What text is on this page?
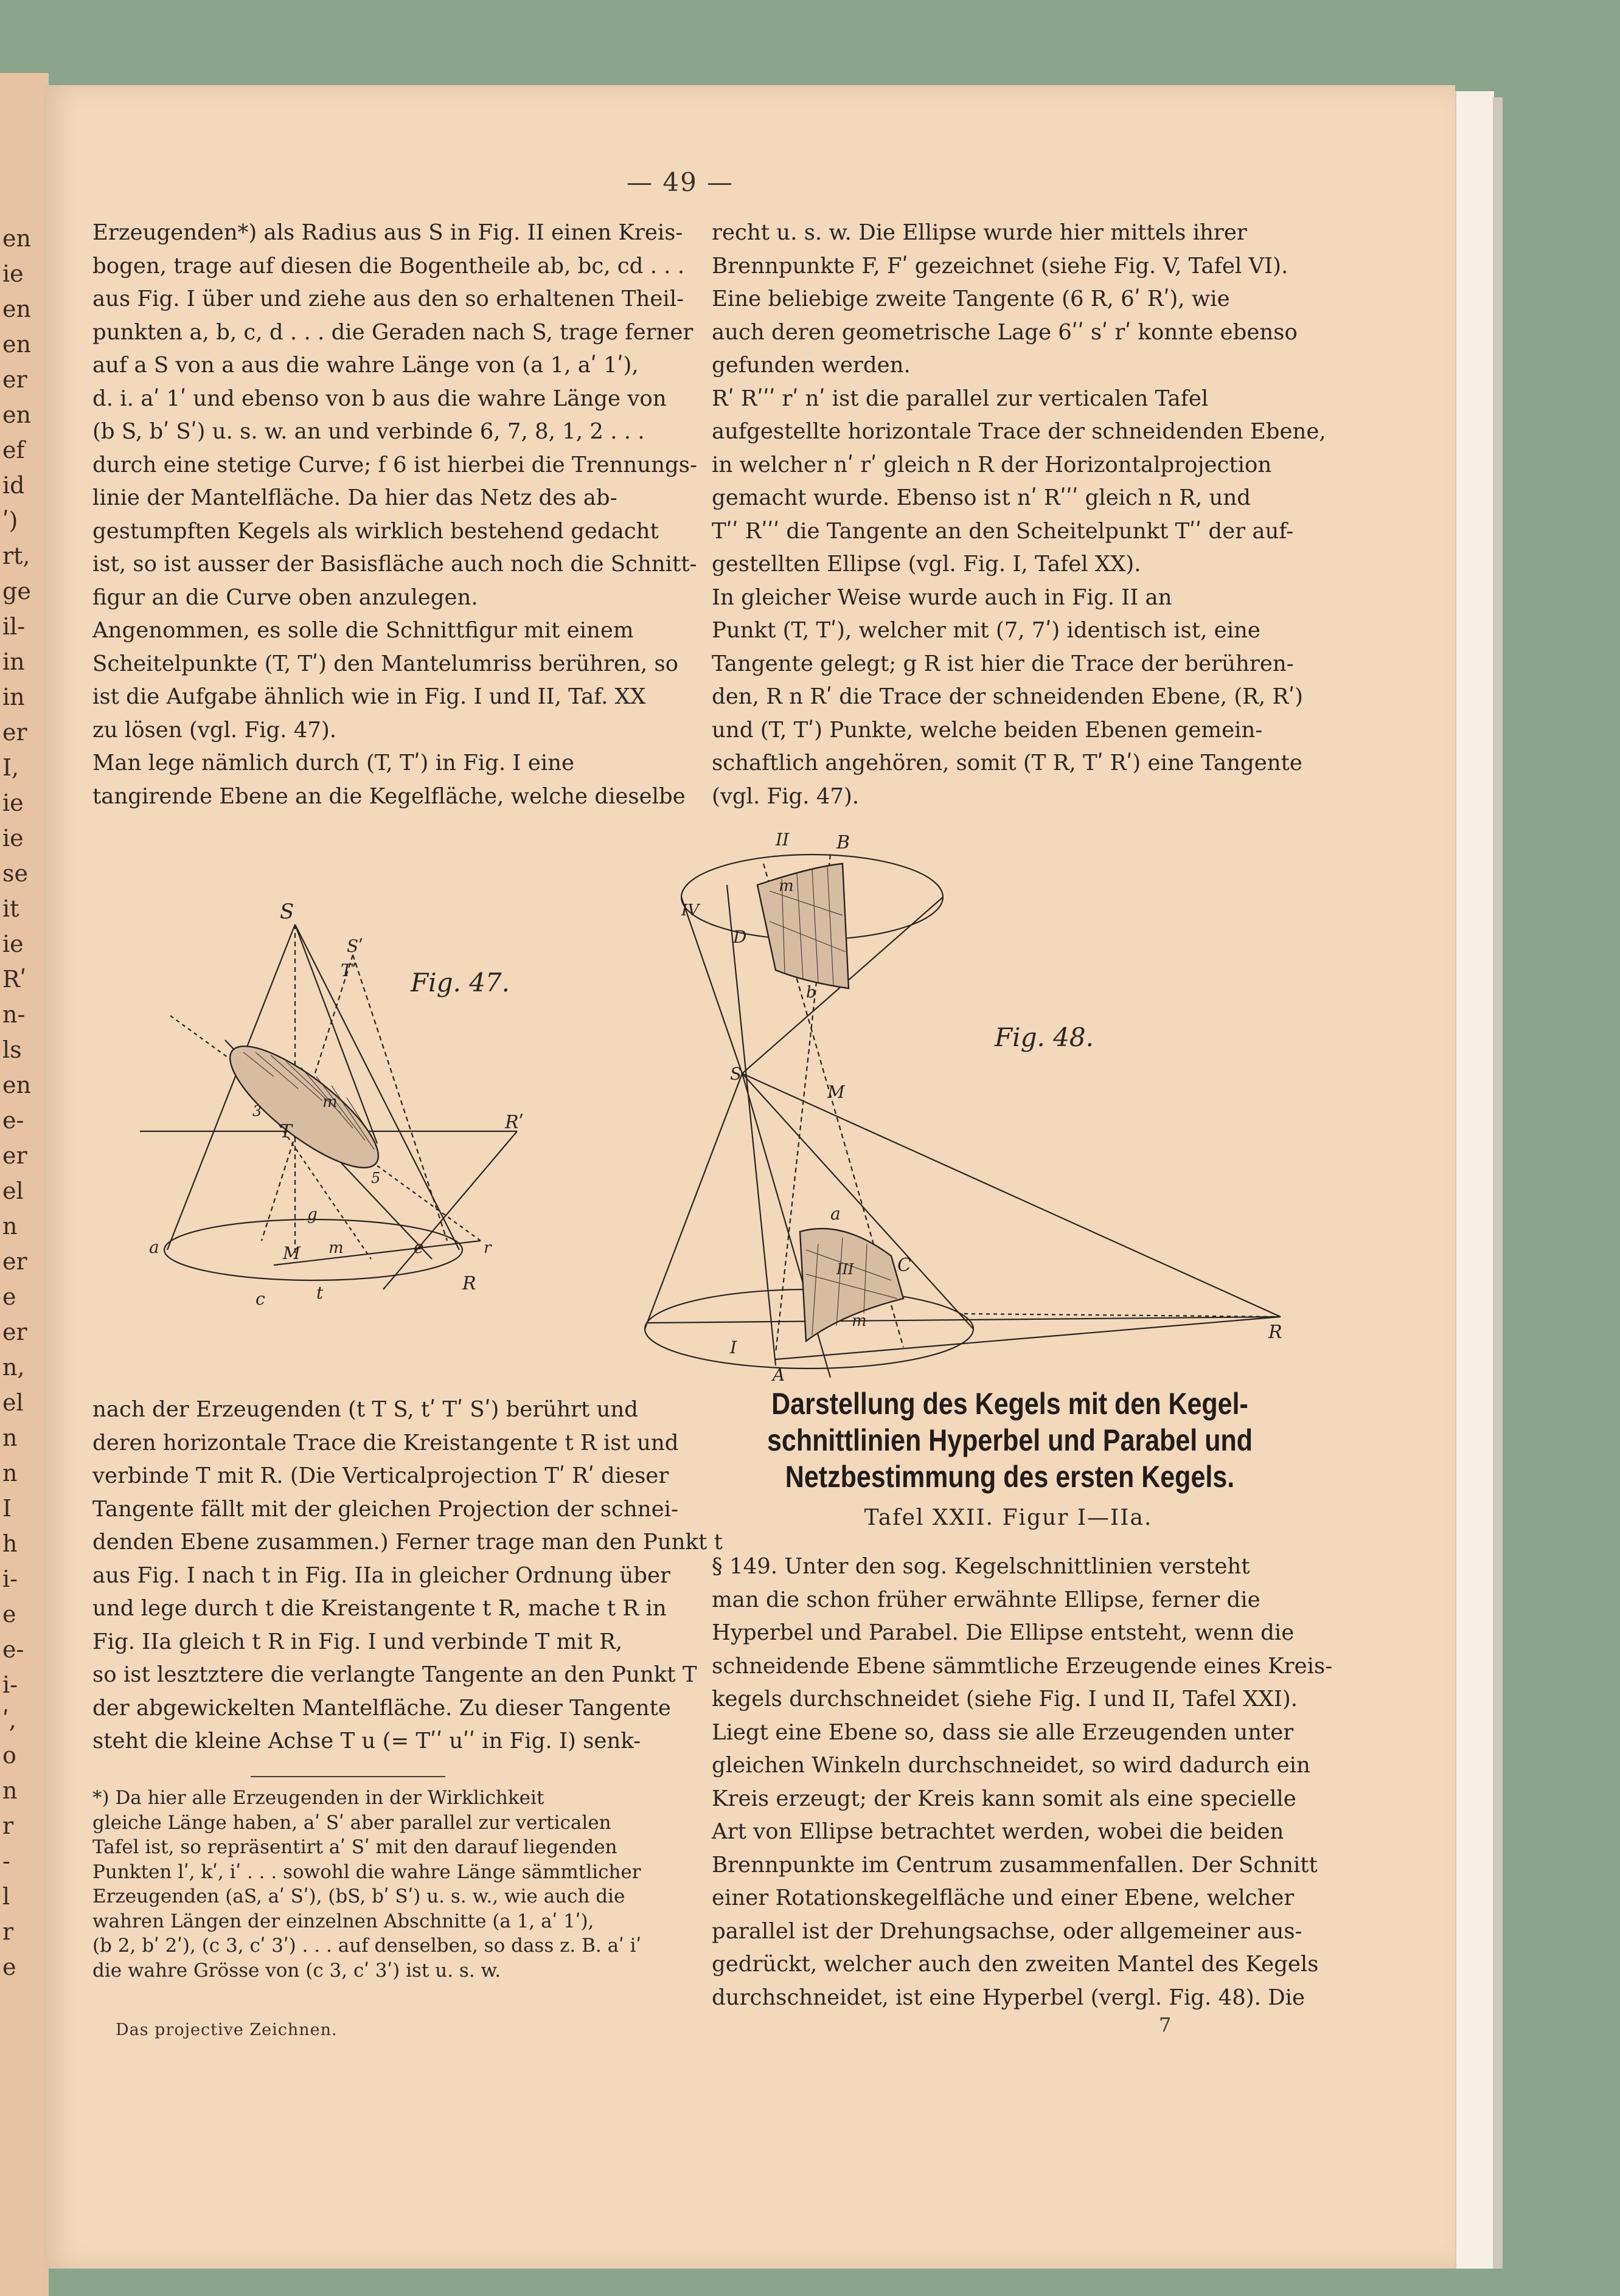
en
ie
en
en
er
en
ef
id
ʹ)
rt,
ge
il-
in
in
er
I,
ie
ie
se
it
ie
Rʹ
n-
ls
en
e-
er
el
n
er
e
er
n,
el
n
n
I
h
i-
e
e-
i-
ʹ,
o
n
r
-
l
r
e
— 49 —
Erzeugenden*) als Radius aus S in Fig. II einen Kreis-
bogen, trage auf diesen die Bogentheile ab, bc, cd . . .
aus Fig. I über und ziehe aus den so erhaltenen Theil-
punkten a, b, c, d . . . die Geraden nach S, trage ferner
auf a S von a aus die wahre Länge von (a 1, aʹ 1ʹ),
d. i. aʹ 1ʹ und ebenso von b aus die wahre Länge von
(b S, bʹ Sʹ) u. s. w. an und verbinde 6, 7, 8, 1, 2 . . .
durch eine stetige Curve; f 6 ist hierbei die Trennungs-
linie der Mantelfläche. Da hier das Netz des ab-
gestumpften Kegels als wirklich bestehend gedacht
ist, so ist ausser der Basisfläche auch noch die Schnitt-
figur an die Curve oben anzulegen.
Angenommen, es solle die Schnittfigur mit einem
Scheitelpunkte (T, Tʹ) den Mantelumriss berühren, so
ist die Aufgabe ähnlich wie in Fig. I und II, Taf. XX
zu lösen (vgl. Fig. 47).
Man lege nämlich durch (T, Tʹ) in Fig. I eine
tangirende Ebene an die Kegelfläche, welche dieselbe
recht u. s. w. Die Ellipse wurde hier mittels ihrer
Brennpunkte F, Fʹ gezeichnet (siehe Fig. V, Tafel VI).
Eine beliebige zweite Tangente (6 R, 6ʹ Rʹ), wie
auch deren geometrische Lage 6ʹʹ sʹ rʹ konnte ebenso
gefunden werden.
Rʹ Rʹʹʹ rʹ nʹ ist die parallel zur verticalen Tafel
aufgestellte horizontale Trace der schneidenden Ebene,
in welcher nʹ rʹ gleich n R der Horizontalprojection
gemacht wurde. Ebenso ist nʹ Rʹʹʹ gleich n R, und
Tʹʹ Rʹʹʹ die Tangente an den Scheitelpunkt Tʹʹ der auf-
gestellten Ellipse (vgl. Fig. I, Tafel XX).
In gleicher Weise wurde auch in Fig. II an
Punkt (T, Tʹ), welcher mit (7, 7ʹ) identisch ist, eine
Tangente gelegt; g R ist hier die Trace der berühren-
den, R n Rʹ die Trace der schneidenden Ebene, (R, Rʹ)
und (T, Tʹ) Punkte, welche beiden Ebenen gemein-
schaftlich angehören, somit (T R, Tʹ Rʹ) eine Tangente
(vgl. Fig. 47).
S
Sʹ
Tʹ
Rʹ
3
T
m
5
g
M m
a	e
c	t
r
R
Fig. 47.
II	B
IV
m
D
b
S
M
a
III C
m
I
A
R
Fig. 48.
nach der Erzeugenden (t T S, tʹ Tʹ Sʹ) berührt und
deren horizontale Trace die Kreistangente t R ist und
verbinde T mit R. (Die Verticalprojection Tʹ Rʹ dieser
Tangente fällt mit der gleichen Projection der schnei-
denden Ebene zusammen.) Ferner trage man den Punkt t
aus Fig. I nach t in Fig. IIa in gleicher Ordnung über
und lege durch t die Kreistangente t R, mache t R in
Fig. IIa gleich t R in Fig. I und verbinde T mit R,
so ist lesztztere die verlangte Tangente an den Punkt T
der abgewickelten Mantelfläche. Zu dieser Tangente
steht die kleine Achse T u (= Tʹʹ uʹʹ in Fig. I) senk-
*) Da hier alle Erzeugenden in der Wirklichkeit
gleiche Länge haben, aʹ Sʹ aber parallel zur verticalen
Tafel ist, so repräsentirt aʹ Sʹ mit den darauf liegenden
Punkten lʹ, kʹ, iʹ . . . sowohl die wahre Länge sämmtlicher
Erzeugenden (aS, aʹ Sʹ), (bS, bʹ Sʹ) u. s. w., wie auch die
wahren Längen der einzelnen Abschnitte (a 1, aʹ 1ʹ),
(b 2, bʹ 2ʹ), (c 3, cʹ 3ʹ) . . . auf denselben, so dass z. B. aʹ iʹ
die wahre Grösse von (c 3, cʹ 3ʹ) ist u. s. w.
Das projective Zeichnen.
Darstellung des Kegels mit den Kegel-
schnittlinien Hyperbel und Parabel und
Netzbestimmung des ersten Kegels.
Tafel XXII. Figur I—IIa.
§ 149. Unter den sog. Kegelschnittlinien versteht
man die schon früher erwähnte Ellipse, ferner die
Hyperbel und Parabel. Die Ellipse entsteht, wenn die
schneidende Ebene sämmtliche Erzeugende eines Kreis-
kegels durchschneidet (siehe Fig. I und II, Tafel XXI).
Liegt eine Ebene so, dass sie alle Erzeugenden unter
gleichen Winkeln durchschneidet, so wird dadurch ein
Kreis erzeugt; der Kreis kann somit als eine specielle
Art von Ellipse betrachtet werden, wobei die beiden
Brennpunkte im Centrum zusammenfallen. Der Schnitt
einer Rotationskegelfläche und einer Ebene, welcher
parallel ist der Drehungsachse, oder allgemeiner aus-
gedrückt, welcher auch den zweiten Mantel des Kegels
durchschneidet, ist eine Hyperbel (vergl. Fig. 48). Die
7
